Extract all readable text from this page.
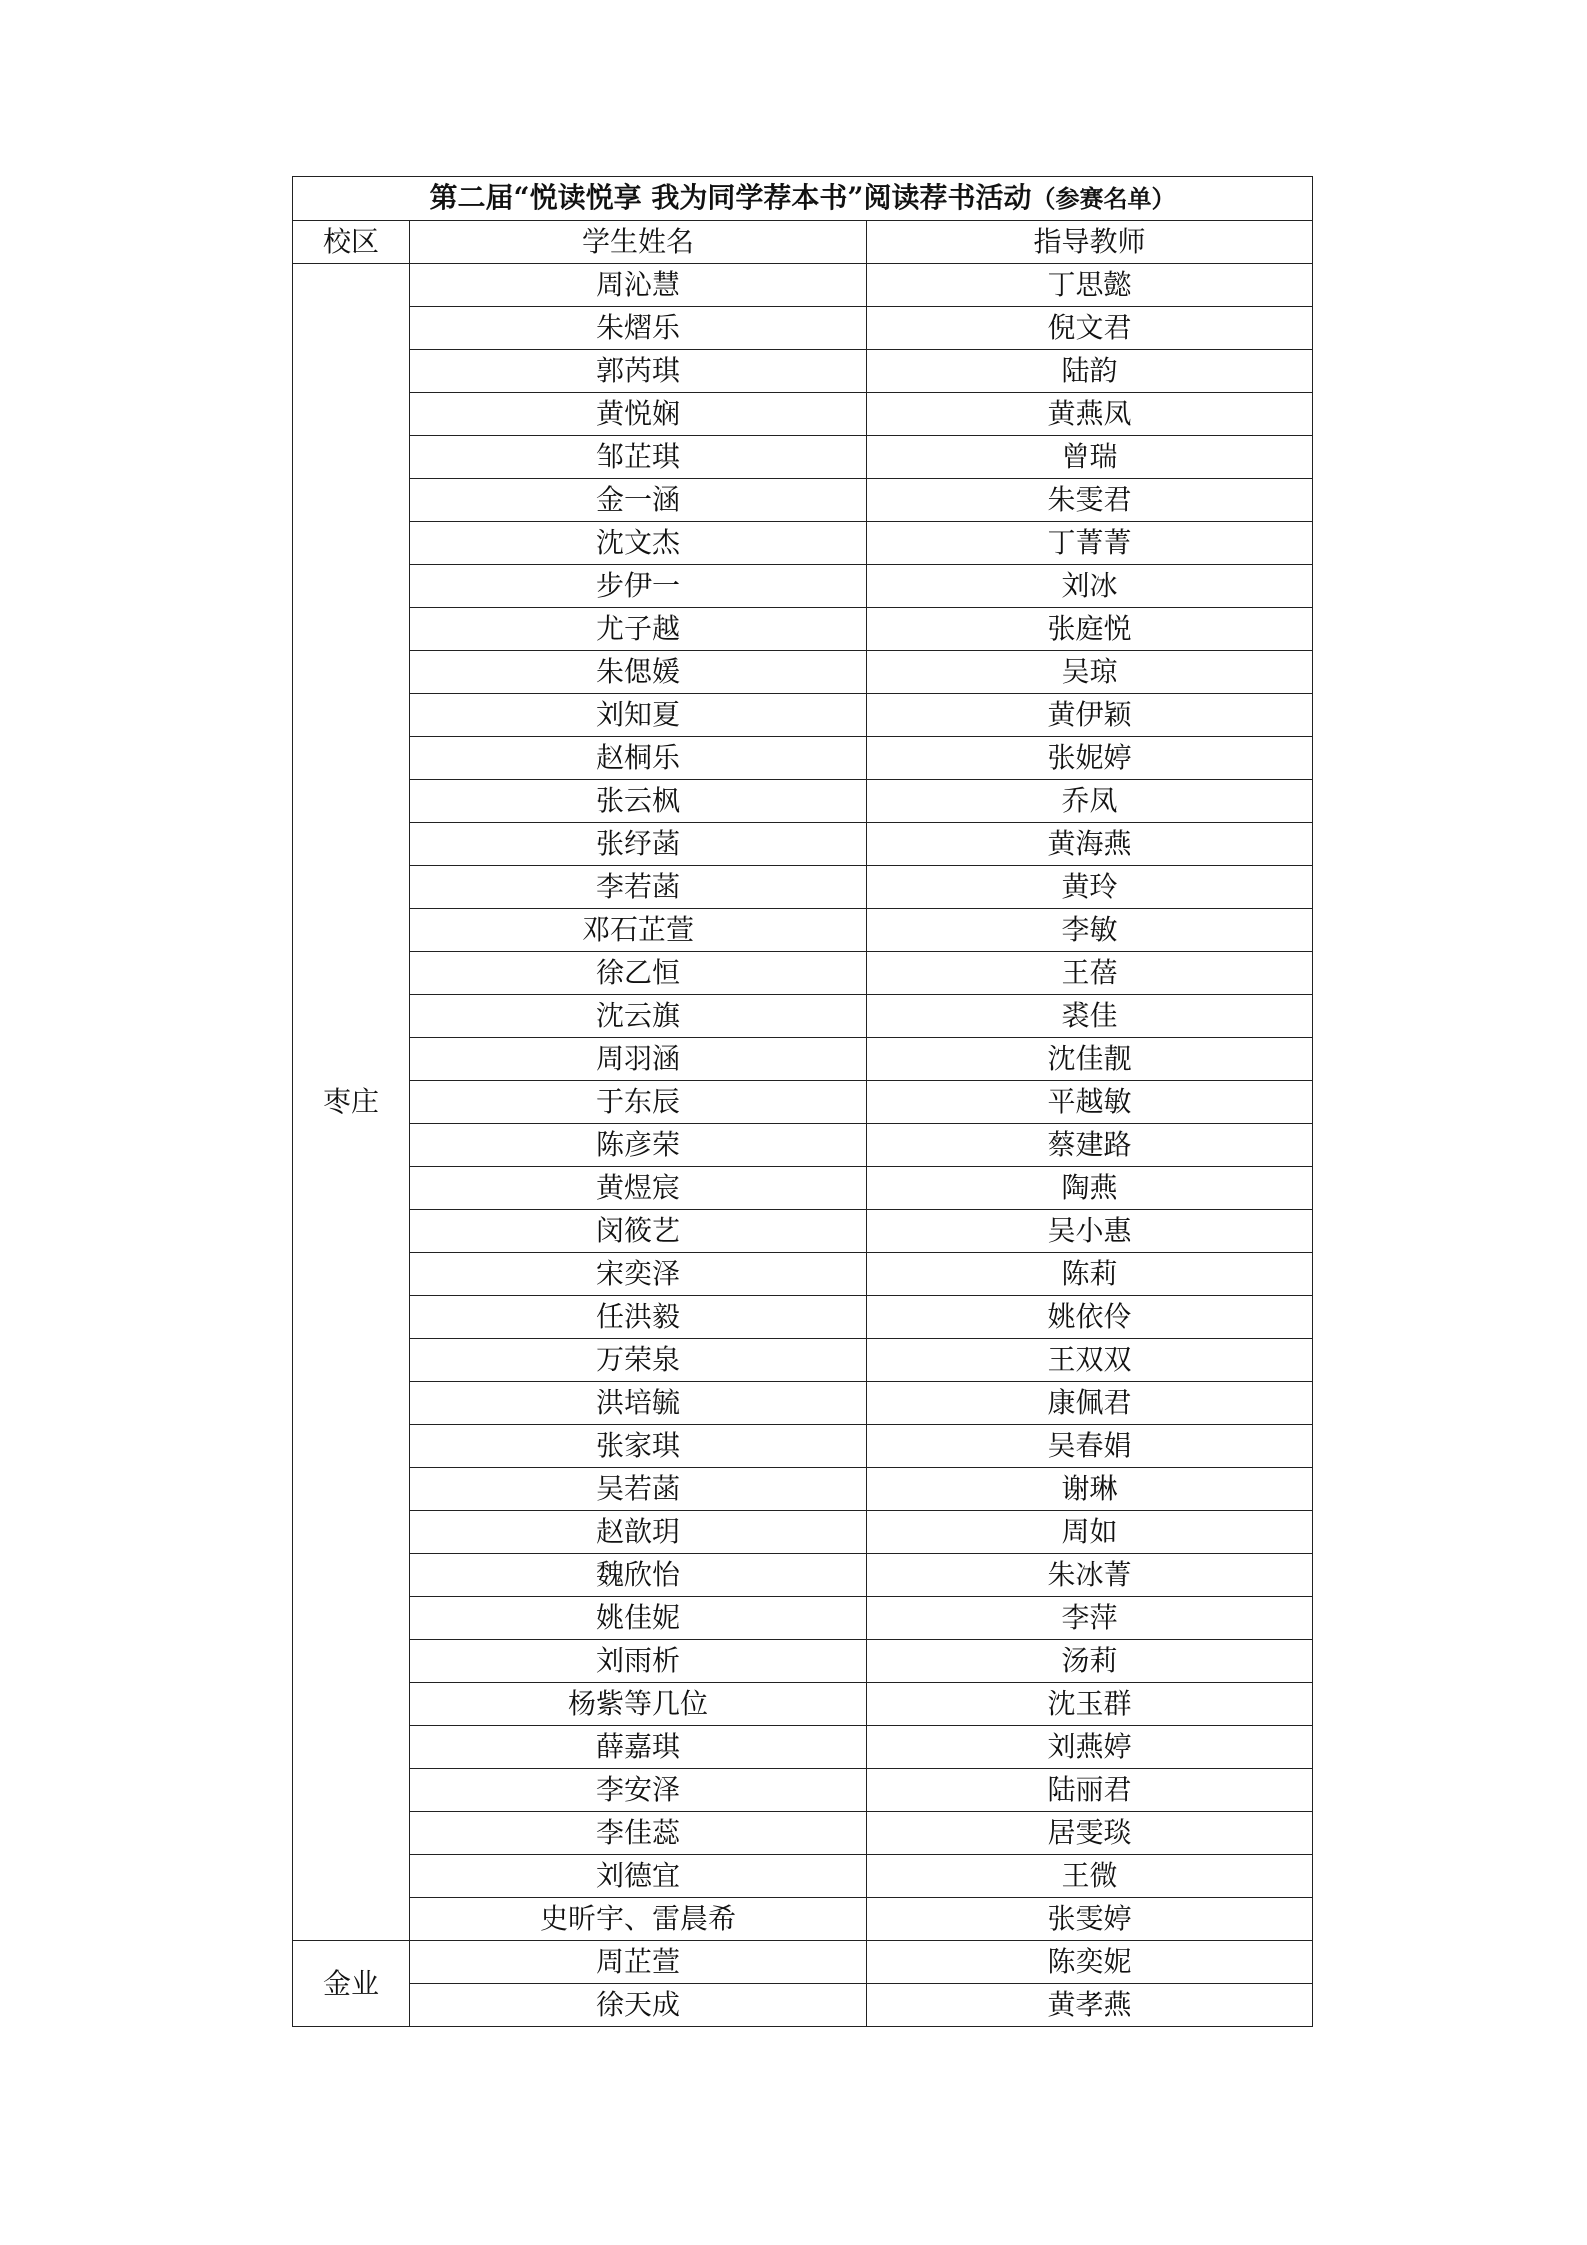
第二届“悦读悦享 我为同学荐本书”阅读荐书活动（参赛名单）		
校区	学生姓名	指导教师
枣庄	周沁慧	丁思懿
	朱熠乐	倪文君
	郭芮琪	陆韵
	黄悦娴	黄燕凤
	邹芷琪	曾瑞
	金一涵	朱雯君
	沈文杰	丁菁菁
	步伊一	刘冰
	尤子越	张庭悦
	朱偲媛	吴琼
	刘知夏	黄伊颖
	赵桐乐	张妮婷
	张云枫	乔凤
	张纾菡	黄海燕
	李若菡	黄玲
	邓石芷萱	李敏
	徐乙恒	王蓓
	沈云旗	裘佳
	周羽涵	沈佳靓
	于东辰	平越敏
	陈彦荣	蔡建路
	黄煜宸	陶燕
	闵筱艺	吴小惠
	宋奕泽	陈莉
	任洪毅	姚依伶
	万荣泉	王双双
	洪培毓	康佩君
	张家琪	吴春娟
	吴若菡	谢琳
	赵歆玥	周如
	魏欣怡	朱冰菁
	姚佳妮	李萍
	刘雨析	汤莉
	杨紫等几位	沈玉群
	薛嘉琪	刘燕婷
	李安泽	陆丽君
	李佳蕊	居雯琰
	刘德宜	王微
	史昕宇、雷晨希	张雯婷
金业	周芷萱	陈奕妮
	徐天成	黄孝燕
